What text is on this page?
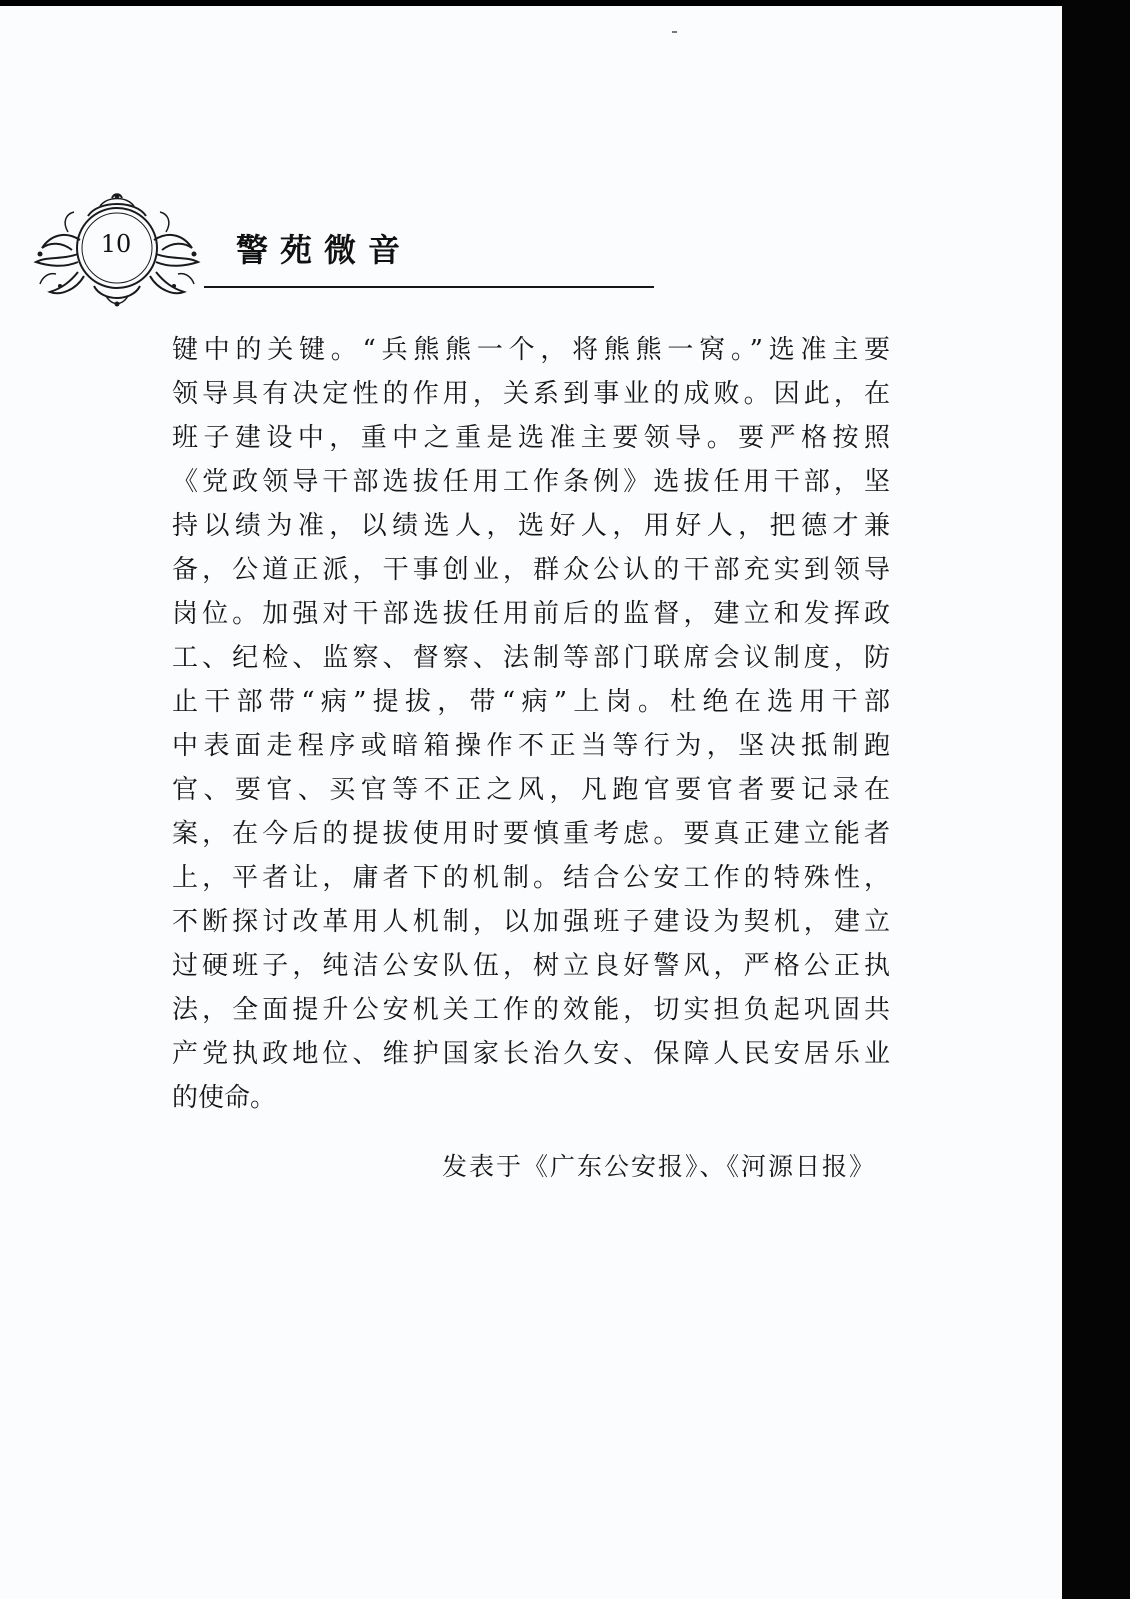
10	警苑微音
键中的关键。“兵熊熊一个，将熊熊一窝。”选准主要
领导具有决定性的作用，关系到事业的成败。因此，在
班子建设中，重中之重是选准主要领导。要严格按照
《党政领导干部选拔任用工作条例》选拔任用干部，坚
持以绩为准，以绩选人，选好人，用好人，把德才兼
备，公道正派，干事创业，群众公认的干部充实到领导
岗位。加强对干部选拔任用前后的监督，建立和发挥政
工、纪检、监察、督察、法制等部门联席会议制度，防
止干部带“病”提拔，带“病”上岗。杜绝在选用干部
中表面走程序或暗箱操作不正当等行为，坚决抵制跑
官、要官、买官等不正之风，凡跑官要官者要记录在
案，在今后的提拔使用时要慎重考虑。要真正建立能者
上，平者让，庸者下的机制。结合公安工作的特殊性，
不断探讨改革用人机制，以加强班子建设为契机，建立
过硬班子，纯洁公安队伍，树立良好警风，严格公正执
法，全面提升公安机关工作的效能，切实担负起巩固共
产党执政地位、维护国家长治久安、保障人民安居乐业
的使命。
发表于《广东公安报》、《河源日报》
